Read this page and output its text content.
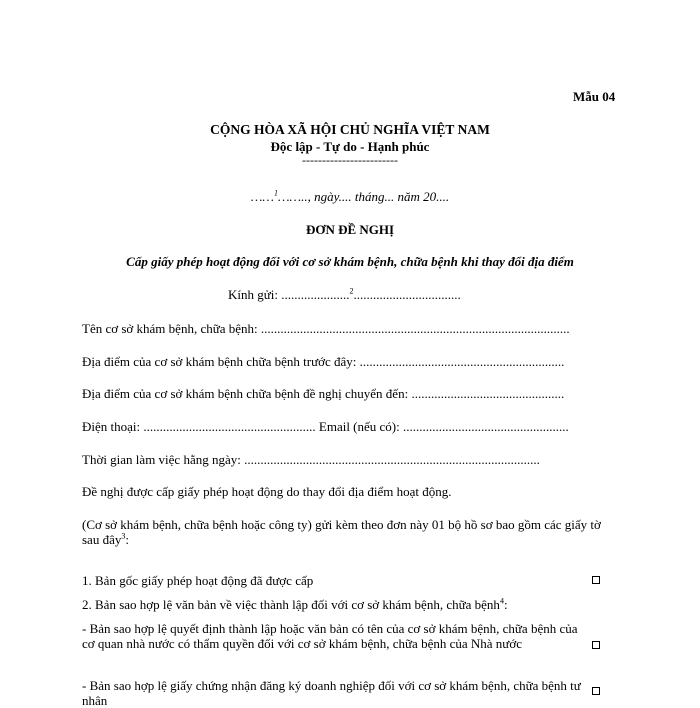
Mẫu 04
CỘNG HÒA XÃ HỘI CHỦ NGHĨA VIỆT NAM
Độc lập - Tự do - Hạnh phúc
------------------------
……$^1$…….., ngày.... tháng... năm 20....
ĐƠN ĐỀ NGHỊ
Cấp giấy phép hoạt động đối với cơ sở khám bệnh, chữa bệnh khi thay đổi địa điểm
Kính gửi: .....................$^2$.................................
Tên cơ sở khám bệnh, chữa bệnh: ...............................................................................................
Địa điểm của cơ sở khám bệnh chữa bệnh trước đây: ...............................................................
Địa điểm của cơ sở khám bệnh chữa bệnh đề nghị chuyển đến: ...............................................
Điện thoại: ..................................................... Email (nếu có): ...................................................
Thời gian làm việc hằng ngày: ...........................................................................................
Đề nghị được cấp giấy phép hoạt động do thay đổi địa điểm hoạt động.
(Cơ sở khám bệnh, chữa bệnh hoặc công ty) gửi kèm theo đơn này 01 bộ hồ sơ bao gồm các giấy tờ sau đây$^3$:
1. Bản gốc giấy phép hoạt động đã được cấp
2. Bản sao hợp lệ văn bản về việc thành lập đối với cơ sở khám bệnh, chữa bệnh$^4$:
- Bản sao hợp lệ quyết định thành lập hoặc văn bản có tên của cơ sở khám bệnh, chữa bệnh của cơ quan nhà nước có thẩm quyền đối với cơ sở khám bệnh, chữa bệnh của Nhà nước
- Bản sao hợp lệ giấy chứng nhận đăng ký doanh nghiệp đối với cơ sở khám bệnh, chữa bệnh tư nhân
